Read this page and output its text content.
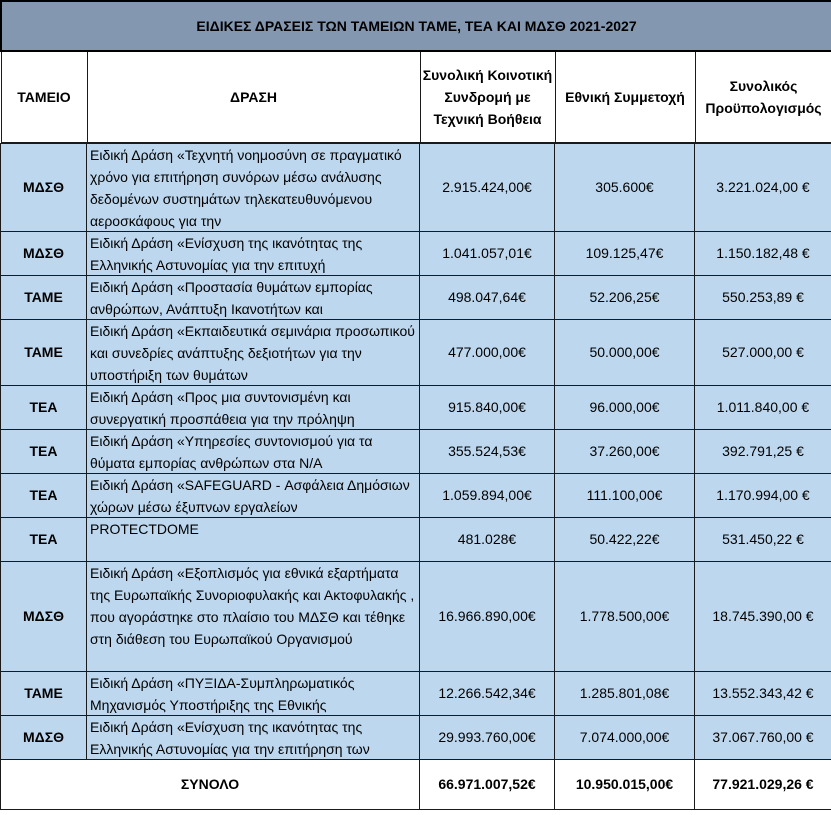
ΕΙΔΙΚΕΣ ΔΡΑΣΕΙΣ ΤΩΝ ΤΑΜΕΙΩΝ ΤΑΜΕ, ΤΕΑ ΚΑΙ ΜΔΣΘ 2021-2027
ΤΑΜΕΙΟ	ΔΡΑΣΗ	Συνολική Κοινοτική Συνδρομή με Τεχνική Βοήθεια	Εθνική Συμμετοχή	Συνολικός Προϋπολογισμός
ΜΔΣΘ	Ειδική Δράση «Τεχνητή νοημοσύνη σε πραγματικό χρόνο για επιτήρηση συνόρων μέσω ανάλυσης δεδομένων συστημάτων τηλεκατευθυνόμενου αεροσκάφους για την	2.915.424,00€	305.600€	3.221.024,00 €
ΜΔΣΘ	Ειδική Δράση «Ενίσχυση της ικανότητας της Ελληνικής Αστυνομίας για την επιτυχή	1.041.057,01€	109.125,47€	1.150.182,48 €
ΤΑΜΕ	Ειδική Δράση «Προστασία θυμάτων εμπορίας ανθρώπων, Ανάπτυξη Ικανοτήτων και	498.047,64€	52.206,25€	550.253,89 €
ΤΑΜΕ	Ειδική Δράση «Εκπαιδευτικά σεμινάρια προσωπικού και συνεδρίες ανάπτυξης δεξιοτήτων για την υποστήριξη των θυμάτων	477.000,00€	50.000,00€	527.000,00 €
ΤΕΑ	Ειδική Δράση «Προς μια συντονισμένη και συνεργατική προσπάθεια για την πρόληψη	915.840,00€	96.000,00€	1.011.840,00 €
ΤΕΑ	Ειδική Δράση «Υπηρεσίες συντονισμού για τα θύματα εμπορίας ανθρώπων στα Ν/Α	355.524,53€	37.260,00€	392.791,25 €
ΤΕΑ	Ειδική Δράση «SAFEGUARD - Ασφάλεια Δημόσιων χώρων μέσω έξυπνων εργαλείων	1.059.894,00€	111.100,00€	1.170.994,00 €
ΤΕΑ	PROTECTDOME	481.028€	50.422,22€	531.450,22 €
ΜΔΣΘ	Ειδική Δράση «Εξοπλισμός για εθνικά εξαρτήματα της Ευρωπαϊκής Συνοριοφυλακής και Ακτοφυλακής , που αγοράστηκε στο πλαίσιο του ΜΔΣΘ και τέθηκε στη διάθεση του Ευρωπαϊκού Οργανισμού	16.966.890,00€	1.778.500,00€	18.745.390,00 €
ΤΑΜΕ	Ειδική Δράση «ΠΥΞΙΔΑ-Συμπληρωματικός Μηχανισμός Υποστήριξης της Εθνικής	12.266.542,34€	1.285.801,08€	13.552.343,42 €
ΜΔΣΘ	Ειδική Δράση «Ενίσχυση της ικανότητας της Ελληνικής Αστυνομίας για την επιτήρηση των	29.993.760,00€	7.074.000,00€	37.067.760,00 €
ΣΥΝΟΛΟ		66.971.007,52€	10.950.015,00€	77.921.029,26 €
